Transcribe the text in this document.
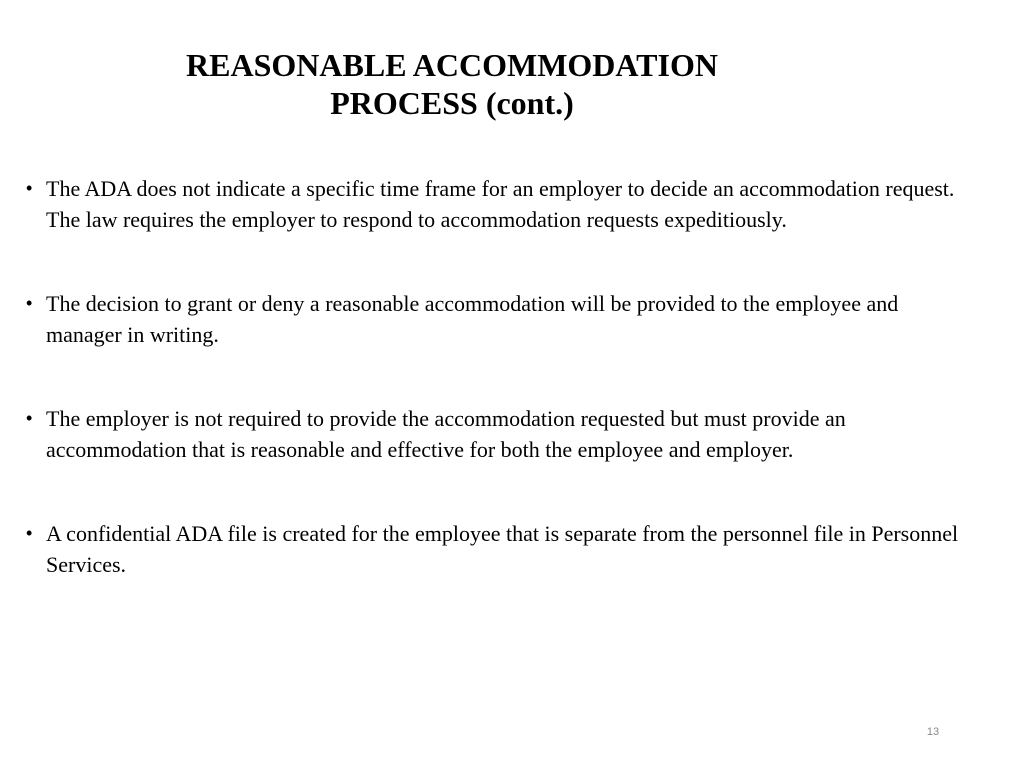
REASONABLE ACCOMMODATION
PROCESS (cont.)
• The ADA does not indicate a specific time frame for an employer to decide an accommodation request. The law requires the employer to respond to accommodation requests expeditiously.
• The decision to grant or deny a reasonable accommodation will be provided to the employee and manager in writing.
• The employer is not required to provide the accommodation requested but must provide an accommodation that is reasonable and effective for both the employee and employer.
• A confidential ADA file is created for the employee that is separate from the personnel file in Personnel Services.
13
